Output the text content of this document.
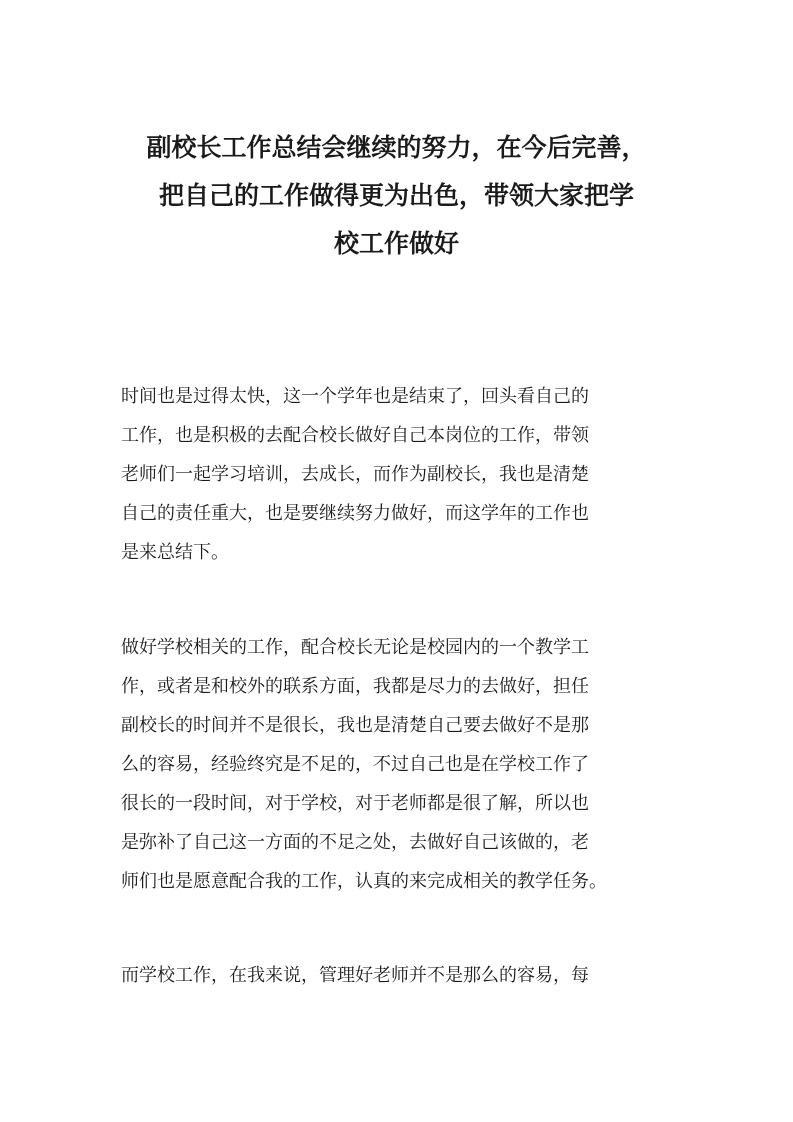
副校长工作总结会继续的努力，在今后完善，
把自己的工作做得更为出色，带领大家把学
校工作做好

时间也是过得太快，这一个学年也是结束了，回头看自己的
工作，也是积极的去配合校长做好自己本岗位的工作，带领
老师们一起学习培训，去成长，而作为副校长，我也是清楚
自己的责任重大，也是要继续努力做好，而这学年的工作也
是来总结下。

做好学校相关的工作，配合校长无论是校园内的一个教学工
作，或者是和校外的联系方面，我都是尽力的去做好，担任
副校长的时间并不是很长，我也是清楚自己要去做好不是那
么的容易，经验终究是不足的，不过自己也是在学校工作了
很长的一段时间，对于学校，对于老师都是很了解，所以也
是弥补了自己这一方面的不足之处，去做好自己该做的，老
师们也是愿意配合我的工作，认真的来完成相关的教学任务。

而学校工作，在我来说，管理好老师并不是那么的容易，每
